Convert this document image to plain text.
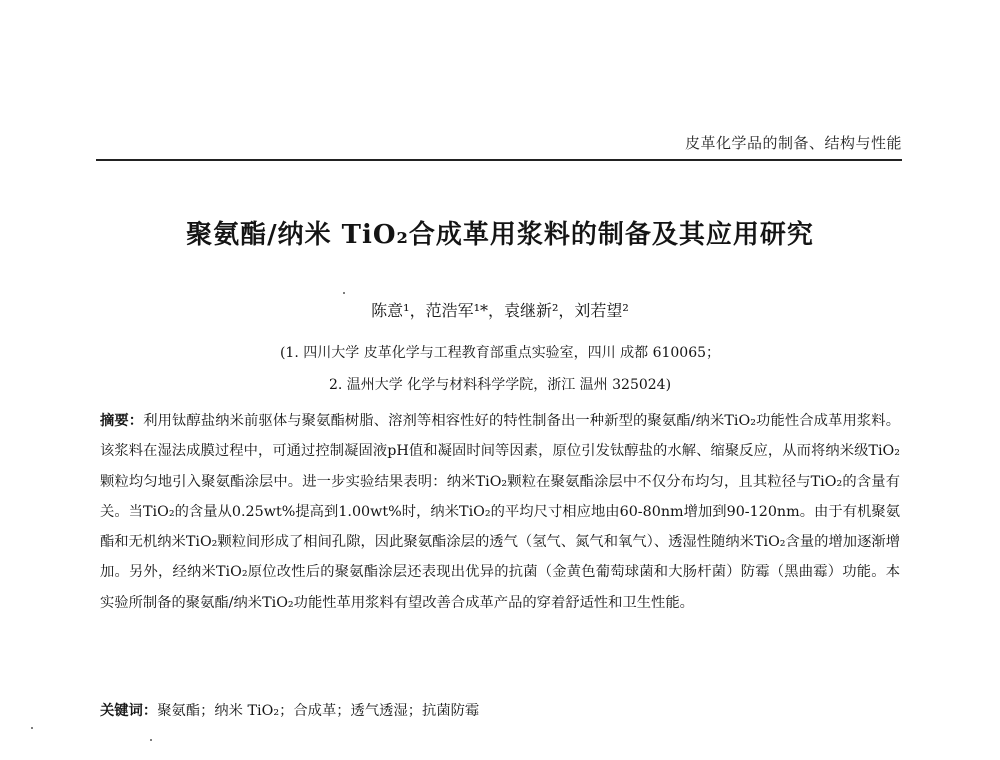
皮革化学品的制备、结构与性能
聚氨酯/纳米 TiO₂合成革用浆料的制备及其应用研究
陈意¹，范浩军¹*，袁继新²，刘若望²
(1. 四川大学 皮革化学与工程教育部重点实验室，四川 成都 610065；
2. 温州大学 化学与材料科学学院，浙江 温州 325024)

摘要：利用钛醇盐纳米前驱体与聚氨酯树脂、溶剂等相容性好的特性制备出一种新型的聚氨酯/纳米TiO₂功能性合成革用浆料。该浆料在湿法成膜过程中，可通过控制凝固液pH值和凝固时间等因素，原位引发钛醇盐的水解、缩聚反应，从而将纳米级TiO₂颗粒均匀地引入聚氨酯涂层中。进一步实验结果表明：纳米TiO₂颗粒在聚氨酯涂层中不仅分布均匀，且其粒径与TiO₂的含量有关。当TiO₂的含量从0.25wt%提高到1.00wt%时，纳米TiO₂的平均尺寸相应地由60-80nm增加到90-120nm。由于有机聚氨酯和无机纳米TiO₂颗粒间形成了相间孔隙，因此聚氨酯涂层的透气（氢气、氮气和氧气）、透湿性随纳米TiO₂含量的增加逐渐增加。另外，经纳米TiO₂原位改性后的聚氨酯涂层还表现出优异的抗菌（金黄色葡萄球菌和大肠杆菌）防霉（黑曲霉）功能。本实验所制备的聚氨酯/纳米TiO₂功能性革用浆料有望改善合成革产品的穿着舒适性和卫生性能。

关键词：聚氨酯；纳米 TiO₂；合成革；透气透湿；抗菌防霉
